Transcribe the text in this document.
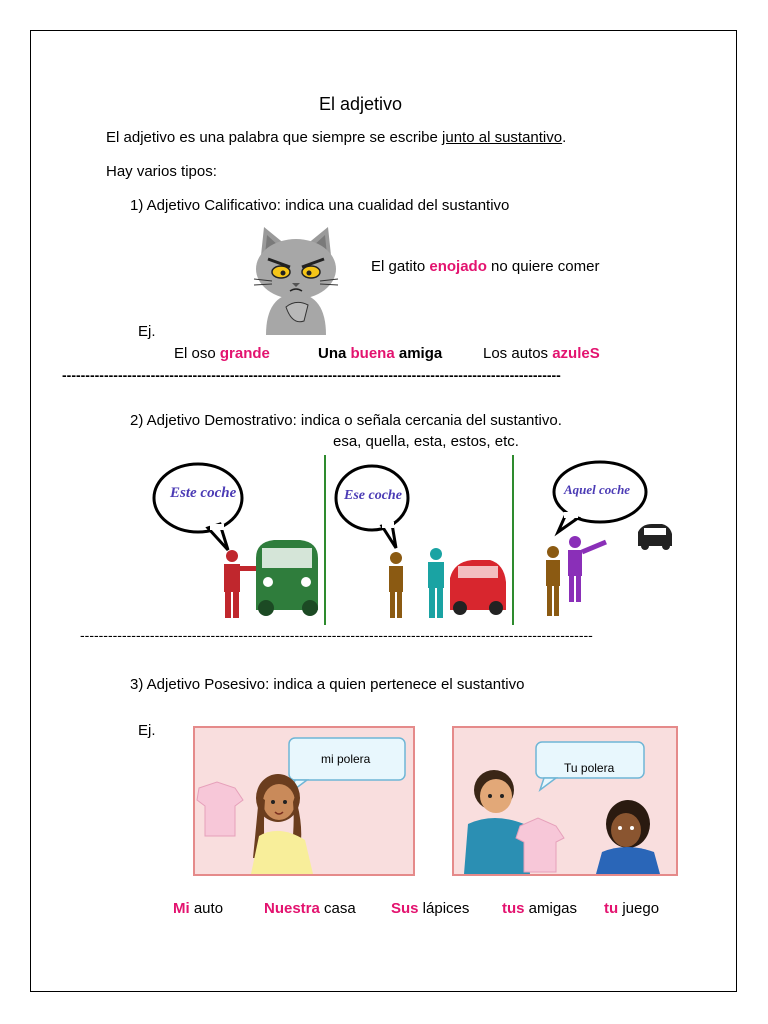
El adjetivo
El adjetivo es una palabra que siempre se escribe junto al sustantivo.
Hay varios tipos:
1) Adjetivo Calificativo: indica una cualidad del sustantivo
El gatito enojado no quiere comer
Ej.
El oso grande	Una buena amiga	Los autos azuleS
-----------------------------------------------------------------------------------------------------------
2) Adjetivo Demostrativo: indica o señala cercania del sustantivo.
esa, quella, esta, estos, etc.
Este coche	Ese coche	Aquel coche
--------------------------------------------------------------------------------------------------------------
3) Adjetivo Posesivo: indica a quien pertenece el sustantivo
Ej.
mi polera
Tu polera
Mi auto	Nuestra casa Sus lápices tus amigas tu juego
